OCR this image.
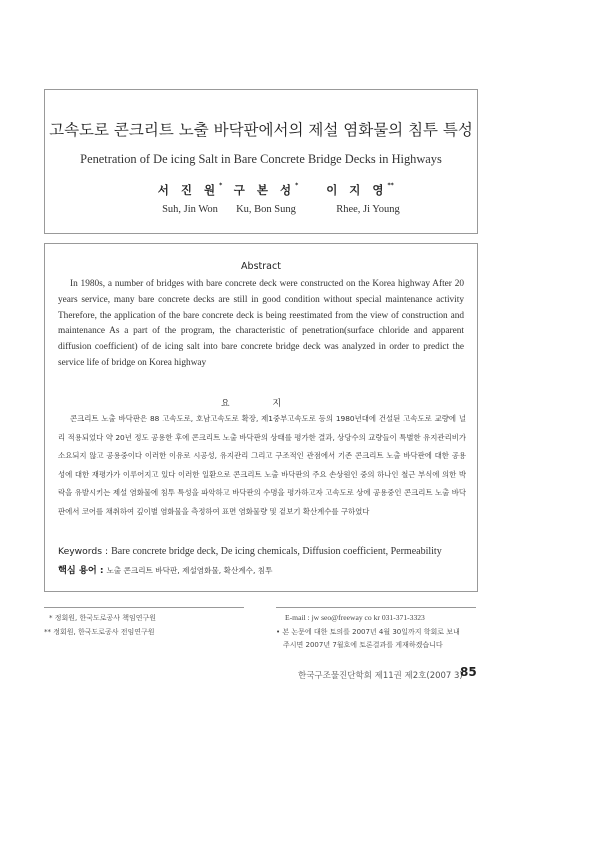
고속도로 콘크리트 노출 바닥판에서의 제설 염화물의 침투 특성
Penetration of De icing Salt in Bare Concrete Bridge Decks in Highways
서 진 원*
Suh, Jin Won
구 본 성*
Ku, Bon Sung
이 지 영**
Rhee, Ji Young
Abstract

In 1980s, a number of bridges with bare concrete deck were constructed on the Korea highway After 20 years service, many bare concrete decks are still in good condition without special maintenance activity Therefore, the application of the bare concrete deck is being reestimated from the view of construction and maintenance As a part of the program, the characteristic of penetration(surface chloride and apparent diffusion coefficient) of de icing salt into bare concrete bridge deck was analyzed in order to predict the service life of bridge on Korea highway

요 지

콘크리트 노출 바닥판은 88 고속도로, 호남고속도로 확장, 제1중부고속도로 등의 1980년대에 건설된 고속도로 교량에 널리 적용되었다 약 20년 정도 공용한 후에 콘크리트 노출 바닥판의 상태를 평가한 결과, 상당수의 교량들이 특별한 유지관리비가 소요되지 않고 공용중이다 이러한 이유로 시공성, 유지관리 그리고 구조적인 관점에서 기존 콘크리트 노출 바닥판에 대한 공용성에 대한 재평가가 이루어지고 있다 이러한 일환으로 콘크리트 노출 바닥판의 주요 손상원인 중의 하나인 철근 부식에 의한 박락을 유발시키는 제설 염화물에 침투 특성을 파악하고 바닥판의 수명을 평가하고자 고속도로 상에 공용중인 콘크리트 노출 바닥판에서 코어를 채취하여 깊이별 염화물을 측정하여 표면 염화물량 및 겉보기 확산계수를 구하였다

Keywords : Bare concrete bridge deck, De icing chemicals, Diffusion coefficient, Permeability
핵심 용어 : 노출 콘크리트 바닥판, 제설염화물, 확산계수, 침투
* 정회원, 한국도로공사 책임연구원
** 정회원, 한국도로공사 전임연구원
E-mail : jw seo@freeway co kr 031-371-3323
• 본 논문에 대한 토의를 2007년 4월 30일까지 학회로 보내
주시면 2007년 7월호에 토론결과를 게재하겠습니다
한국구조물진단학회 제11권 제2호(2007 3)
85
